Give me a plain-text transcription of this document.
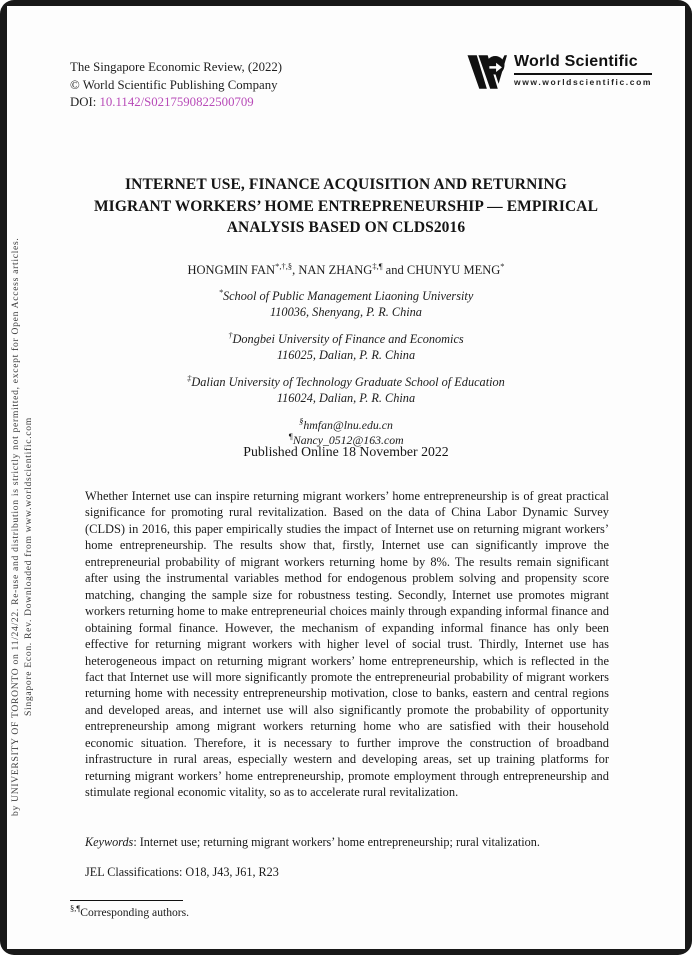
Singapore Econ. Rev. Downloaded from www.worldscientific.com
by UNIVERSITY OF TORONTO on 11/24/22. Re-use and distribution is strictly not permitted, except for Open Access articles.
The Singapore Economic Review, (2022)
© World Scientific Publishing Company
DOI: 10.1142/S0217590822500709
World Scientific
www.worldscientific.com
INTERNET USE, FINANCE ACQUISITION AND RETURNING MIGRANT WORKERS’ HOME ENTREPRENEURSHIP — EMPIRICAL ANALYSIS BASED ON CLDS2016
HONGMIN FAN*,†,§, NAN ZHANG‡,¶ and CHUNYU MENG*
*School of Public Management Liaoning University
110036, Shenyang, P. R. China
†Dongbei University of Finance and Economics
116025, Dalian, P. R. China
‡Dalian University of Technology Graduate School of Education
116024, Dalian, P. R. China
§hmfan@lnu.edu.cn
¶Nancy_0512@163.com
Published Online 18 November 2022
Whether Internet use can inspire returning migrant workers’ home entrepreneurship is of great practical significance for promoting rural revitalization. Based on the data of China Labor Dynamic Survey (CLDS) in 2016, this paper empirically studies the impact of Internet use on returning migrant workers’ home entrepreneurship. The results show that, firstly, Internet use can significantly improve the entrepreneurial probability of migrant workers returning home by 8%. The results remain significant after using the instrumental variables method for endogenous problem solving and propensity score matching, changing the sample size for robustness testing. Secondly, Internet use promotes migrant workers returning home to make entrepreneurial choices mainly through expanding informal finance and obtaining formal finance. However, the mechanism of expanding informal finance has only been effective for returning migrant workers with higher level of social trust. Thirdly, Internet use has heterogeneous impact on returning migrant workers’ home entrepreneurship, which is reflected in the fact that Internet use will more significantly promote the entrepreneurial probability of migrant workers returning home with necessity entrepreneurship motivation, close to banks, eastern and central regions and developed areas, and internet use will also significantly promote the probability of opportunity entrepreneurship among migrant workers returning home who are satisfied with their household economic situation. Therefore, it is necessary to further improve the construction of broadband infrastructure in rural areas, especially western and developing areas, set up training platforms for returning migrant workers’ home entrepreneurship, promote employment through entrepreneurship and stimulate regional economic vitality, so as to accelerate rural revitalization.
Keywords: Internet use; returning migrant workers’ home entrepreneurship; rural vitalization.
JEL Classifications: O18, J43, J61, R23
§,¶Corresponding authors.
